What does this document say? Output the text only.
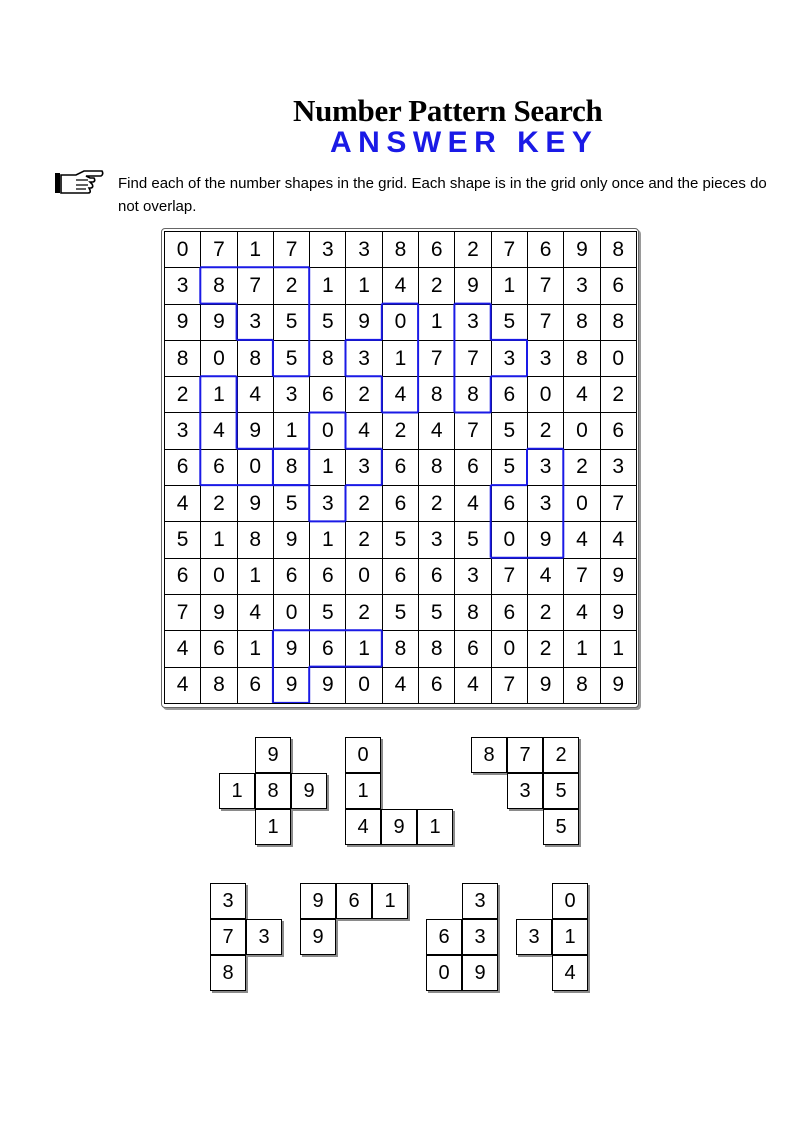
Number Pattern Search
ANSWER KEY
Find each of the number shapes in the grid. Each shape is in the grid only once and the pieces do not overlap.
0	7	1	7	3	3	8	6	2	7	6	9	8
3	8	7	2	1	1	4	2	9	1	7	3	6
9	9	3	5	5	9	0	1	3	5	7	8	8
8	0	8	5	8	3	1	7	7	3	3	8	0
2	1	4	3	6	2	4	8	8	6	0	4	2
3	4	9	1	0	4	2	4	7	5	2	0	6
6	6	0	8	1	3	6	8	6	5	3	2	3
4	2	9	5	3	2	6	2	4	6	3	0	7
5	1	8	9	1	2	5	3	5	0	9	4	4
6	0	1	6	6	0	6	6	3	7	4	7	9
7	9	4	0	5	2	5	5	8	6	2	4	9
4	6	1	9	6	1	8	8	6	0	2	1	1
4	8	6	9	9	0	4	6	4	7	9	8	9
9
1	8	9
1
0
1
4	9	1
8	7	2
3	5
5
3
7	3
8
9	6	1
9
3
6	3
0	9
0
3	1
4
